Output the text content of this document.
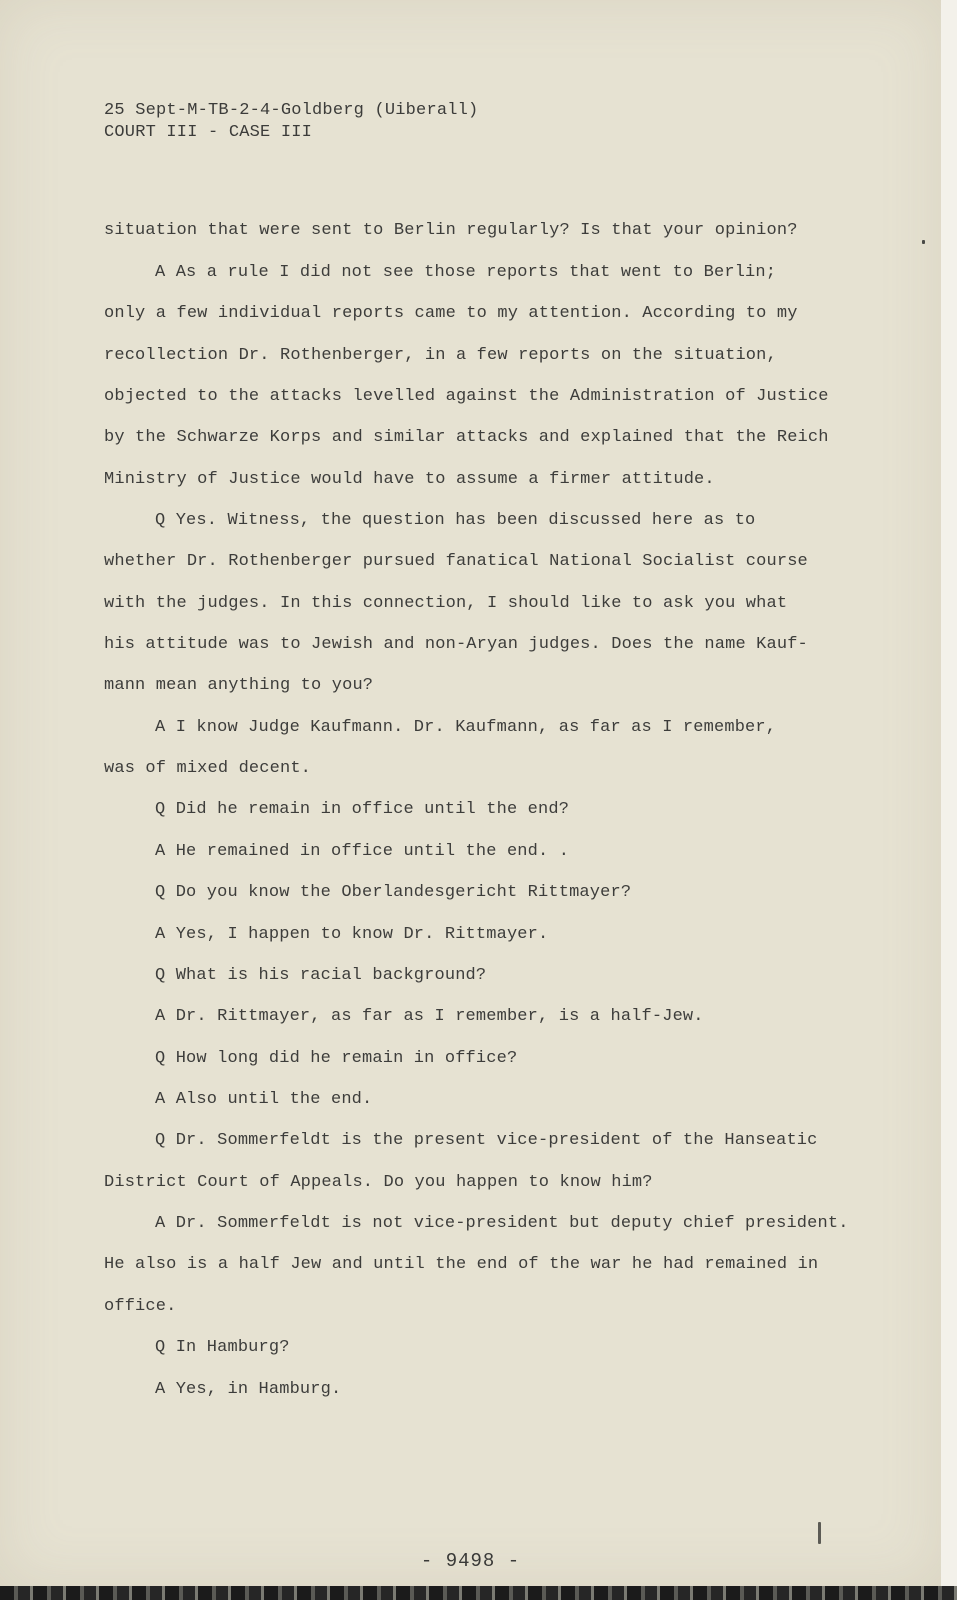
25 Sept-M-TB-2-4-Goldberg (Uiberall)
COURT III - CASE III
situation that were sent to Berlin regularly? Is that your opinion?
A As a rule I did not see those reports that went to Berlin;
only a few individual reports came to my attention. According to my
recollection Dr. Rothenberger, in a few reports on the situation,
objected to the attacks levelled against the Administration of Justice
by the Schwarze Korps and similar attacks and explained that the Reich
Ministry of Justice would have to assume a firmer attitude.
Q Yes. Witness, the question has been discussed here as to
whether Dr. Rothenberger pursued fanatical National Socialist course
with the judges. In this connection, I should like to ask you what
his attitude was to Jewish and non-Aryan judges. Does the name Kauf-
mann mean anything to you?
A I know Judge Kaufmann. Dr. Kaufmann, as far as I remember,
was of mixed decent.
Q Did he remain in office until the end?
A He remained in office until the end. .
Q Do you know the Oberlandesgericht Rittmayer?
A Yes, I happen to know Dr. Rittmayer.
Q What is his racial background?
A Dr. Rittmayer, as far as I remember, is a half-Jew.
Q How long did he remain in office?
A Also until the end.
Q Dr. Sommerfeldt is the present vice-president of the Hanseatic
District Court of Appeals. Do you happen to know him?
A Dr. Sommerfeldt is not vice-president but deputy chief president.
He also is a half Jew and until the end of the war he had remained in
office.
Q In Hamburg?
A Yes, in Hamburg.
- 9498 -
